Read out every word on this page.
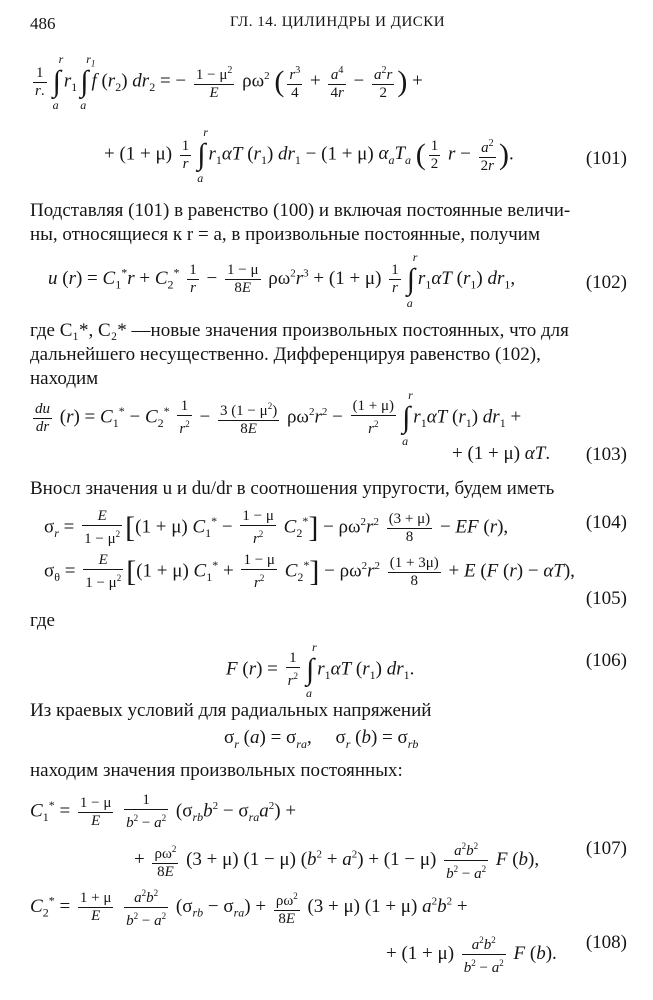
486	ГЛ. 14. ЦИЛИНДРЫ И ДИСКИ
$\frac{1}{r.}$ ∫
r
a
$r_1$ ∫
$r_1$
a
f $(r_2) dr_2$ = − $\frac{1 - \mu^2}{E} \rho\omega^2$ ( $\frac{r^3}{4} + \frac{a^4}{4r} - \frac{a^2r}{2}$ ) +
+ $(1 + \mu) \frac{1}{r}$ ∫
r
a
$r_1\alpha T$ $(r_1) dr_1 - (1 + \mu)$ $\alpha_aT_a$ ( $\frac{1}{2}$ $r - \frac{a^2}{2r}$ ).	(101)
Подставляя (101) в равенство (100) и включая постоянные величи-
ны, относящиеся к r = a, в произвольные постоянные, получим
u $(r) = C_1^*r + C_2^* \frac{1}{r} - \frac{1 - \mu}{8E} \rho\omega^2r^3 + (1 + \mu) \frac{1}{r}$ ∫
r
a
$r_1\alpha T$ $(r_1)$ $dr_1$,	(102)
где C₁*, C₂* —новые значения произвольных постоянных, что для
дальнейшего несущественно. Дифференцируя равенство (102),
находим
$\frac{du}{dr} (r) = C_1^* - C_2^* \frac{1}{r^2} - \frac{3 (1 - \mu^2)}{8E} \rho\omega^2r^2 - \frac{(1 + \mu)}{r^2}$ ∫
r
a
$r_1\alpha T$ $(r_1) dr_1$ +
+ (1 + μ) αT. (103)
Вносл значения u и du/dr в соотношения упругости, будем иметь
$\sigma_r = \frac{E}{1 - \mu^2} [(1 + \mu) C_1^* - \frac{1 - \mu}{r^2} C_2^*] - \rho\omega^2r^2 \frac{(3 + \mu)}{8}$ − EF (r),	(104)
$\sigma_\theta = \frac{E}{1 - \mu^2} [(1 + \mu) C_1^* + \frac{1 - \mu}{r^2} C_2^*] - \rho\omega^2r^2 \frac{(1 + 3\mu)}{8} + E$ (F (r) − αT),
(105)
где
F $(r) = \frac{1}{r^2}$ ∫
r
a
$r_1\alpha T$ $(r_1)$ $dr_1$.	(106)
Из краевых условий для радиальных напряжений
$\sigma_r$ $(a) = \sigma_{ra}$,     $\sigma_r$ $(b) = \sigma_{rb}$
находим значения произвольных постоянных:
$C_1^* = \frac{1 - \mu}{E}$
$\frac{1}{b^2 - a^2} (\sigma_{rb}b^2 - \sigma_{ra}a^2)$ +
+ $\frac{\rho\omega^2}{8E} (3 + \mu) (1 - \mu) (b^2 + a^2) + (1 - \mu) \frac{a^2b^2}{b^2 - a^2}$ F (b),
(107)
$C_2^* = \frac{1 + \mu}{E}$
$\frac{a^2b^2}{b^2 - a^2} (\sigma_{rb} - \sigma_{ra}) + \frac{\rho\omega^2}{8E} (3 + \mu) (1 + \mu) a^2b^2$ +
+ $(1 + \mu) \frac{a^2b^2}{b^2 - a^2}$ F (b).
(108)
